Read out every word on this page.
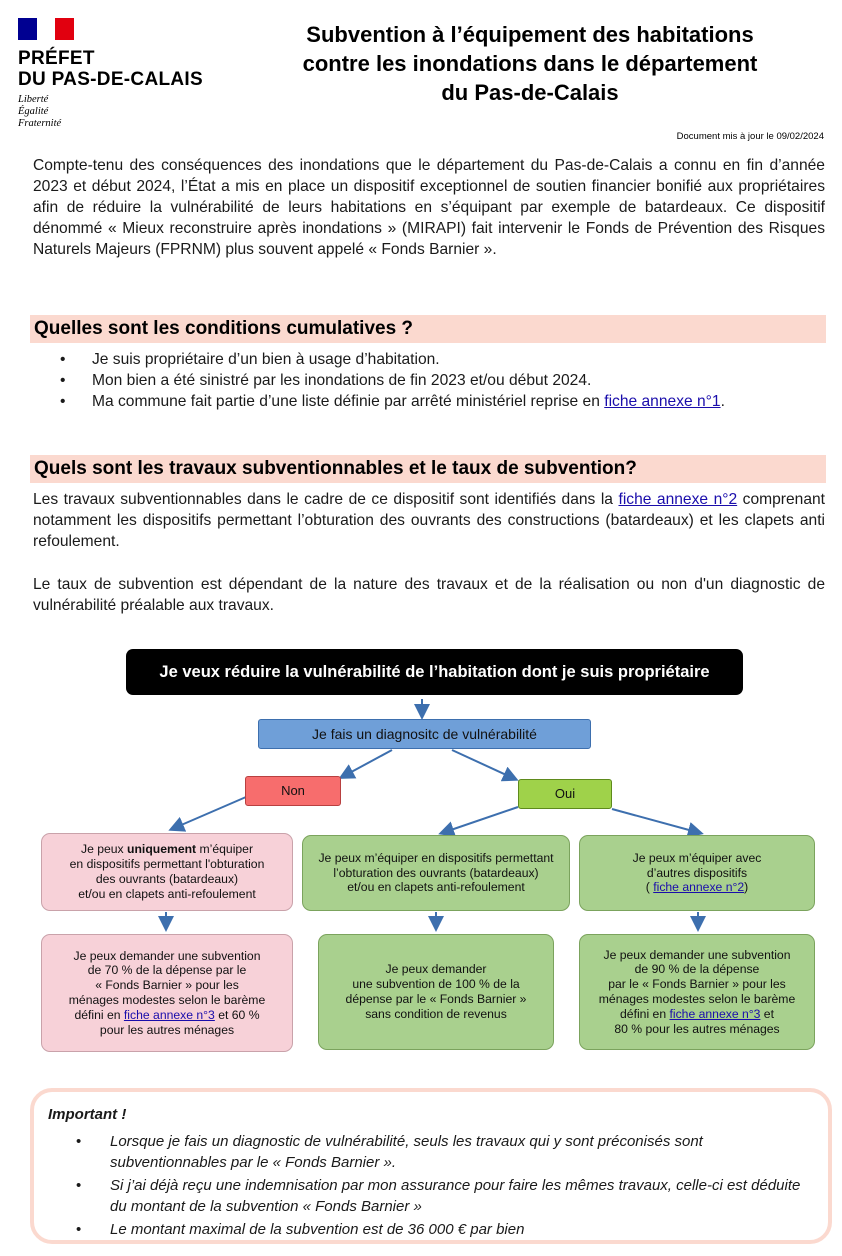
PRÉFET
DU PAS-DE-CALAIS
Liberté
Égalité
Fraternité
Subvention à l’équipement des habitations
contre les inondations dans le département
du Pas-de-Calais
Document mis à jour le 09/02/2024

Compte-tenu des conséquences des inondations que le département du Pas-de-Calais a connu en fin d’année 2023 et début 2024, l’État a mis en place un dispositif exceptionnel de soutien financier bonifié aux propriétaires afin de réduire la vulnérabilité de leurs habitations en s’équipant par exemple de batardeaux. Ce dispositif dénommé « Mieux reconstruire après inondations » (MIRAPI) fait intervenir le Fonds de Prévention des Risques Naturels Majeurs (FPRNM) plus souvent appelé « Fonds Barnier ».

Quelles sont les conditions cumulatives ?
• Je suis propriétaire d’un bien à usage d’habitation.
• Mon bien a été sinistré par les inondations de fin 2023 et/ou début 2024.
• Ma commune fait partie d’une liste définie par arrêté ministériel reprise en fiche annexe n°1.
Quels sont les travaux subventionnables et le taux de subvention?

Les travaux subventionnables dans le cadre de ce dispositif sont identifiés dans la fiche annexe n°2 comprenant notamment les dispositifs permettant l’obturation des ouvrants des constructions (batardeaux) et les clapets anti refoulement.

Le taux de subvention est dépendant de la nature des travaux et de la réalisation ou non d'un diagnostic de vulnérabilité préalable aux travaux.

Je veux réduire la vulnérabilité de l’habitation dont je suis propriétaire
Je fais un diagnositc de vulnérabilité
Non	Oui
Je peux uniquement m’équiper
en dispositifs permettant l'obturation
des ouvrants (batardeaux)
et/ou en clapets anti-refoulement
Je peux m’équiper en dispositifs permettant
l’obturation des ouvrants (batardeaux)
et/ou en clapets anti-refoulement
Je peux m’équiper avec
d’autres dispositifs
( fiche annexe n°2)
Je peux demander une subvention
de 70 % de la dépense par le
« Fonds Barnier » pour les
ménages modestes selon le barème
défini en fiche annexe n°3 et 60 %
pour les autres ménages
Je peux demander
une subvention de 100 % de la
dépense par le « Fonds Barnier »
sans condition de revenus
Je peux demander une subvention
de 90 % de la dépense
par le « Fonds Barnier » pour les
ménages modestes selon le barème
défini en fiche annexe n°3 et
80 % pour les autres ménages
Important !
• Lorsque je fais un diagnostic de vulnérabilité, seuls les travaux qui y sont préconisés sont subventionnables par le « Fonds Barnier ».
• Si j’ai déjà reçu une indemnisation par mon assurance pour faire les mêmes travaux, celle-ci est déduite du montant de la subvention « Fonds Barnier »
• Le montant maximal de la subvention est de 36 000 € par bien
